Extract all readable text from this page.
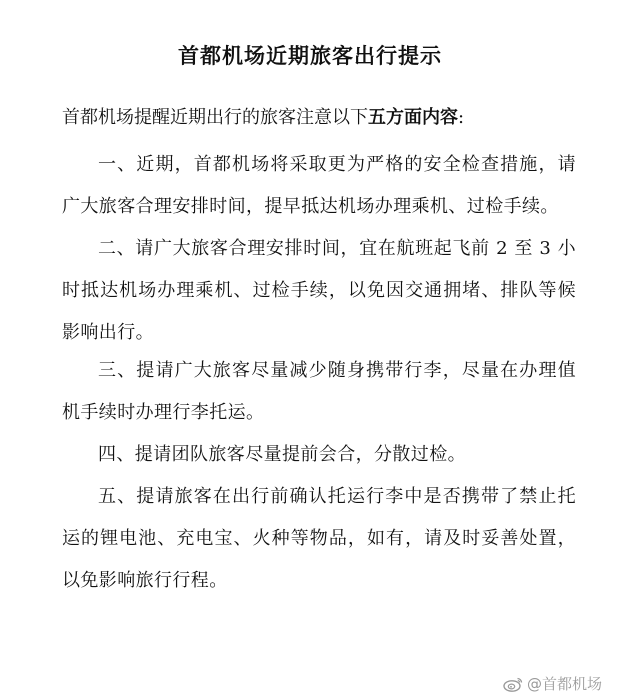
首都机场近期旅客出行提示

首都机场提醒近期出行的旅客注意以下五方面内容:

一、近期，首都机场将采取更为严格的安全检查措施，请广大旅客合理安排时间，提早抵达机场办理乘机、过检手续。

二、请广大旅客合理安排时间，宜在航班起飞前 2 至 3 小时抵达机场办理乘机、过检手续，以免因交通拥堵、排队等候影响出行。

三、提请广大旅客尽量减少随身携带行李，尽量在办理值机手续时办理行李托运。

四、提请团队旅客尽量提前会合，分散过检。

五、提请旅客在出行前确认托运行李中是否携带了禁止托运的锂电池、充电宝、火种等物品，如有，请及时妥善处置，以免影响旅行行程。

@首都机场
